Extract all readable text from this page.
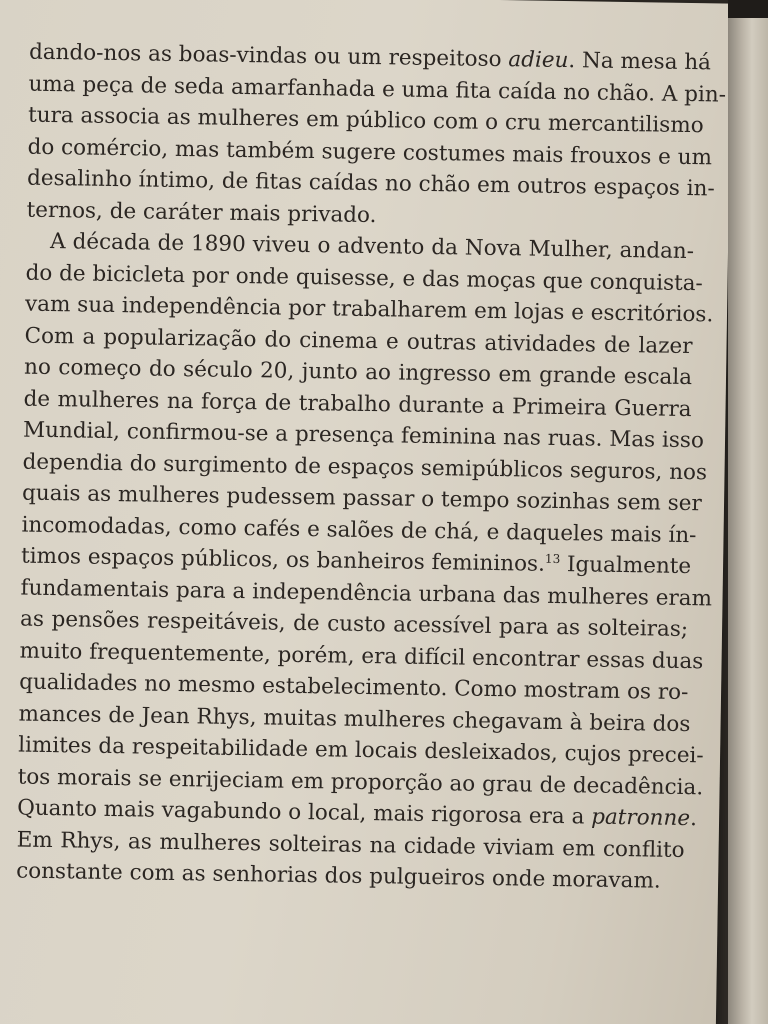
dando-nos as boas-vindas ou um respeitoso adieu. Na mesa há
uma peça de seda amarfanhada e uma fita caída no chão. A pin-
tura associa as mulheres em público com o cru mercantilismo
do comércio, mas também sugere costumes mais frouxos e um
desalinho íntimo, de fitas caídas no chão em outros espaços in-
ternos, de caráter mais privado.

A década de 1890 viveu o advento da Nova Mulher, andan-
do de bicicleta por onde quisesse, e das moças que conquista-
vam sua independência por trabalharem em lojas e escritórios.
Com a popularização do cinema e outras atividades de lazer
no começo do século 20, junto ao ingresso em grande escala
de mulheres na força de trabalho durante a Primeira Guerra
Mundial, confirmou-se a presença feminina nas ruas. Mas isso
dependia do surgimento de espaços semipúblicos seguros, nos
quais as mulheres pudessem passar o tempo sozinhas sem ser
incomodadas, como cafés e salões de chá, e daqueles mais ín-
timos espaços públicos, os banheiros femininos.$^{13}$ Igualmente
fundamentais para a independência urbana das mulheres eram
as pensões respeitáveis, de custo acessível para as solteiras;
muito frequentemente, porém, era difícil encontrar essas duas
qualidades no mesmo estabelecimento. Como mostram os ro-
mances de Jean Rhys, muitas mulheres chegavam à beira dos
limites da respeitabilidade em locais desleixados, cujos precei-
tos morais se enrijeciam em proporção ao grau de decadência.
Quanto mais vagabundo o local, mais rigorosa era a patronne.
Em Rhys, as mulheres solteiras na cidade viviam em conflito
constante com as senhorias dos pulgueiros onde moravam.
